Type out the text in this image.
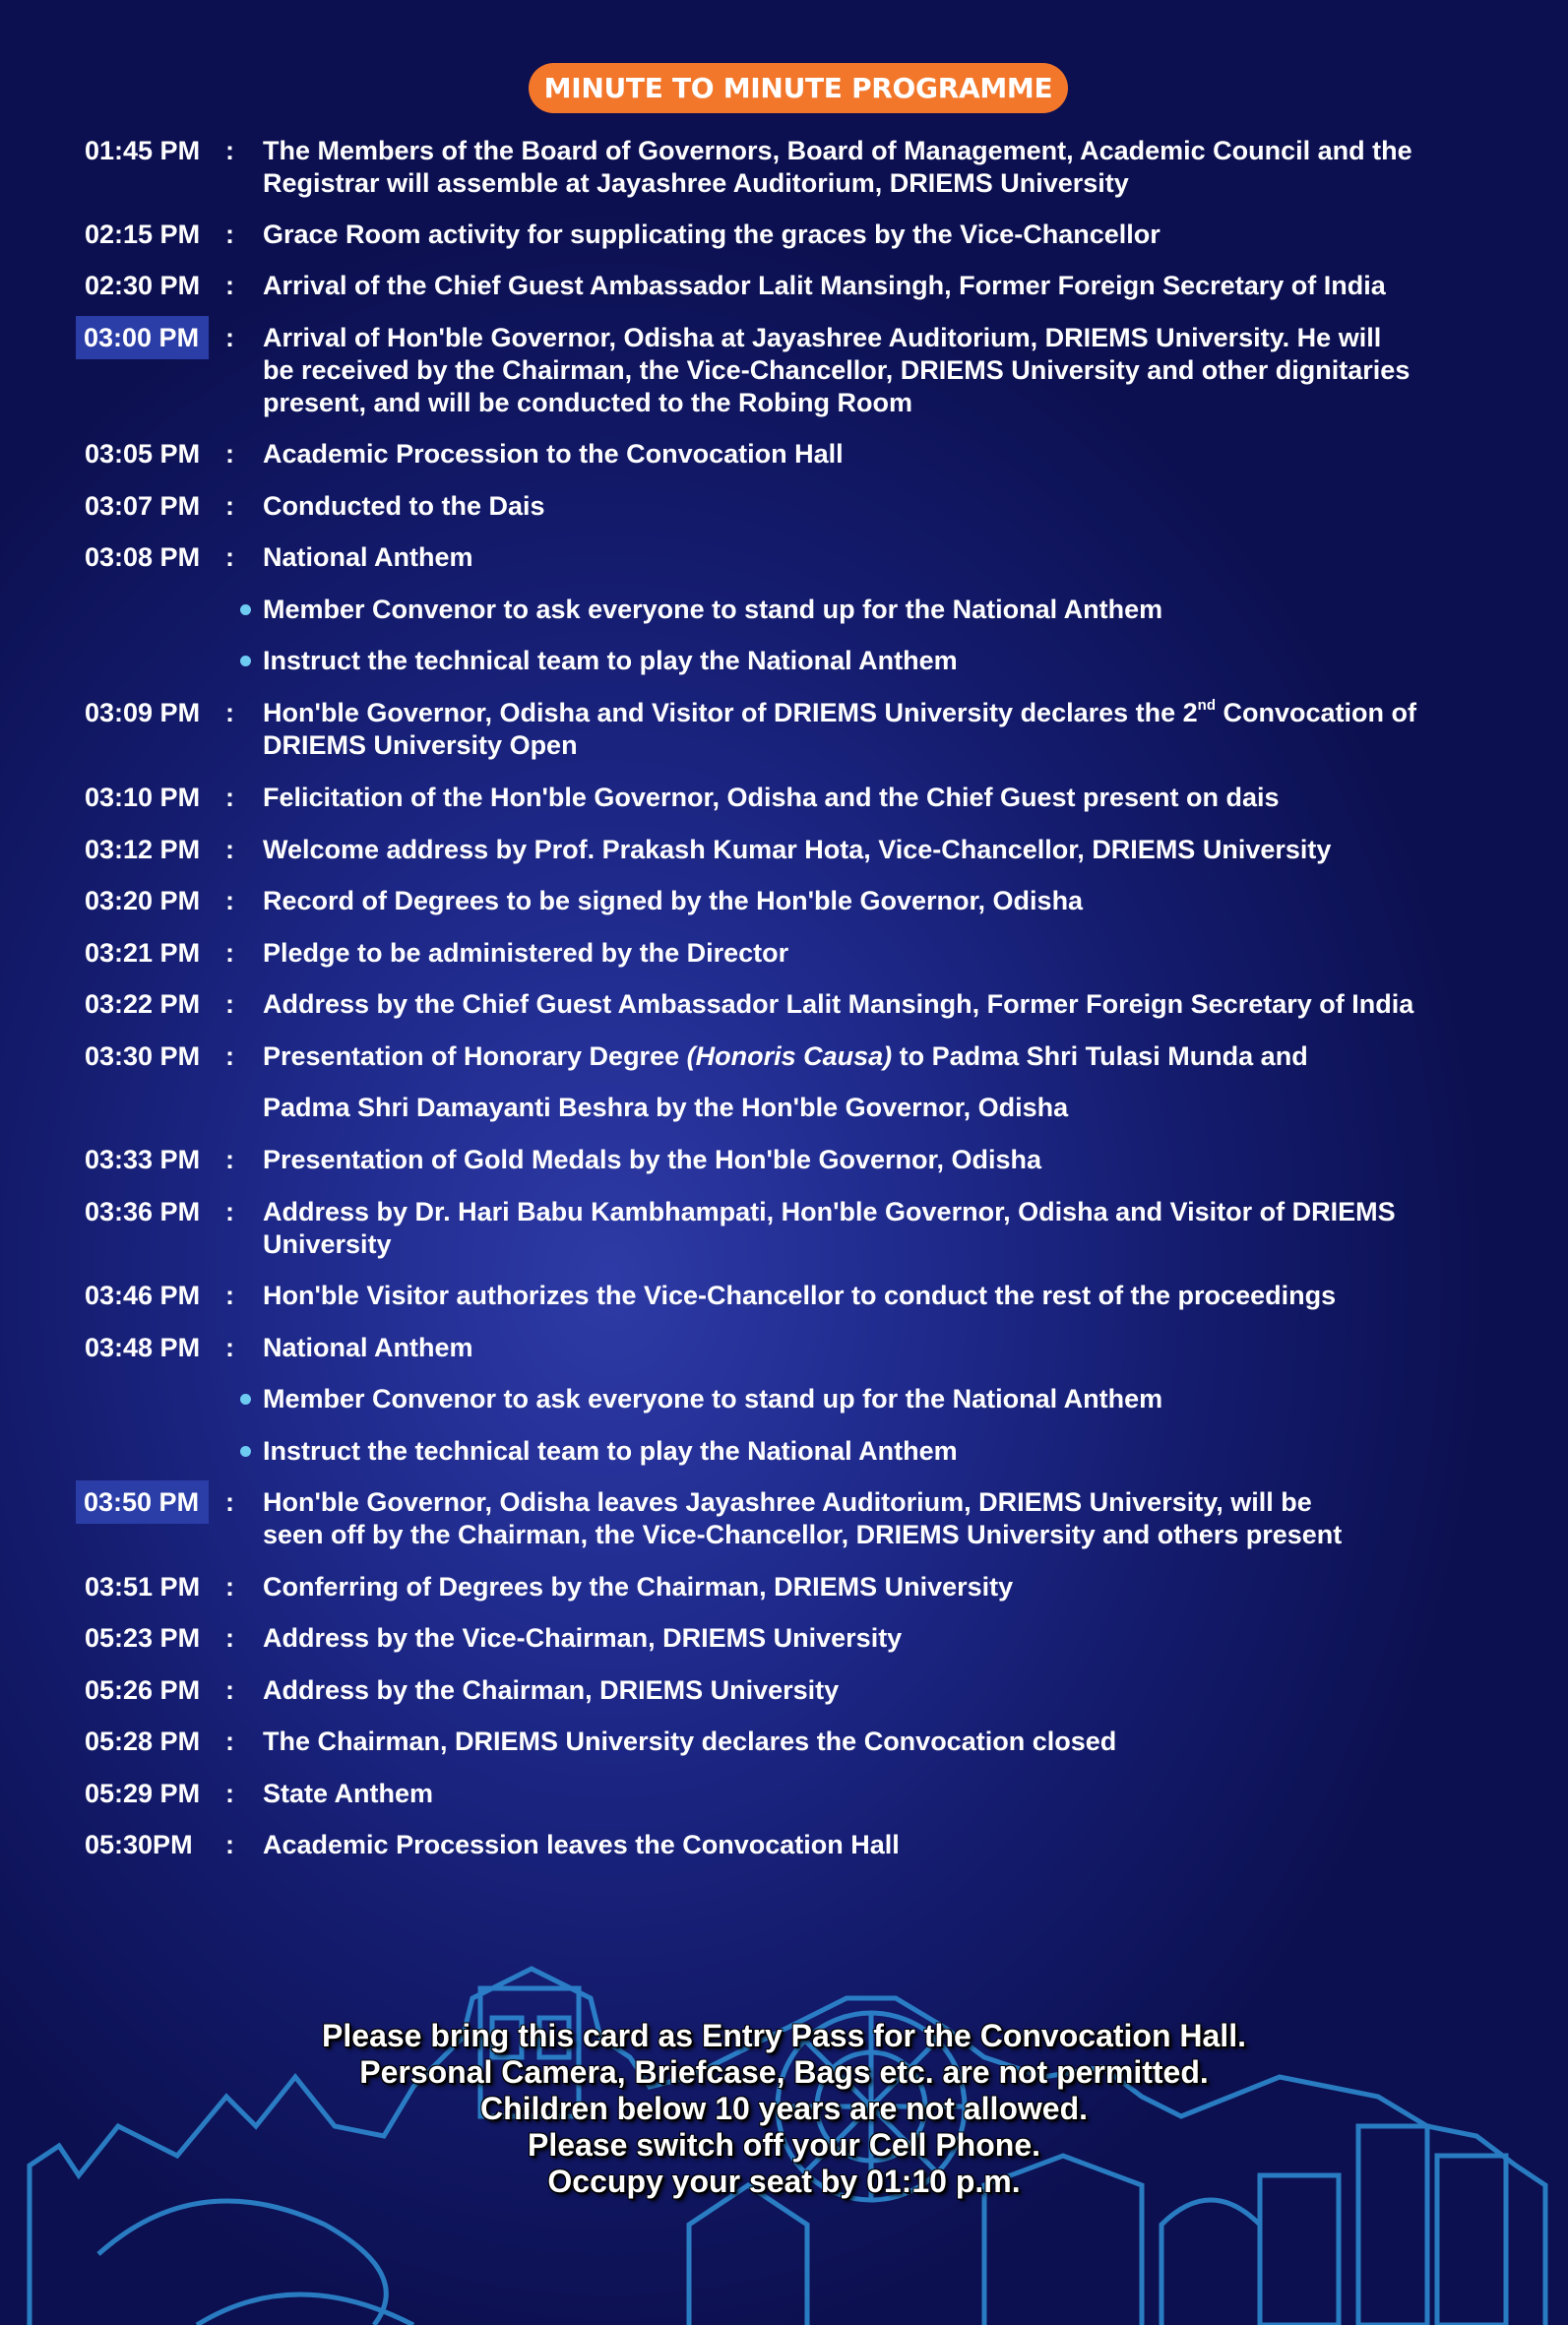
MINUTE TO MINUTE PROGRAMME
01:45 PM : The Members of the Board of Governors, Board of Management, Academic Council and the
Registrar will assemble at Jayashree Auditorium, DRIEMS University
02:15 PM : Grace Room activity for supplicating the graces by the Vice-Chancellor
02:30 PM : Arrival of the Chief Guest Ambassador Lalit Mansingh, Former Foreign Secretary of India
03:00 PM : Arrival of Hon'ble Governor, Odisha at Jayashree Auditorium, DRIEMS University. He will
be received by the Chairman, the Vice-Chancellor, DRIEMS University and other dignitaries
present, and will be conducted to the Robing Room
03:05 PM : Academic Procession to the Convocation Hall
03:07 PM : Conducted to the Dais
03:08 PM : National Anthem
Member Convenor to ask everyone to stand up for the National Anthem
Instruct the technical team to play the National Anthem
03:09 PM : Hon'ble Governor, Odisha and Visitor of DRIEMS University declares the 2nd Convocation of
DRIEMS University Open
03:10 PM : Felicitation of the Hon'ble Governor, Odisha and the Chief Guest present on dais
03:12 PM : Welcome address by Prof. Prakash Kumar Hota, Vice-Chancellor, DRIEMS University
03:20 PM : Record of Degrees to be signed by the Hon'ble Governor, Odisha
03:21 PM : Pledge to be administered by the Director
03:22 PM : Address by the Chief Guest Ambassador Lalit Mansingh, Former Foreign Secretary of India
03:30 PM : Presentation of Honorary Degree (Honoris Causa) to Padma Shri Tulasi Munda and
Padma Shri Damayanti Beshra by the Hon'ble Governor, Odisha
03:33 PM : Presentation of Gold Medals by the Hon'ble Governor, Odisha
03:36 PM : Address by Dr. Hari Babu Kambhampati, Hon'ble Governor, Odisha and Visitor of DRIEMS
University
03:46 PM : Hon'ble Visitor authorizes the Vice-Chancellor to conduct the rest of the proceedings
03:48 PM : National Anthem
Member Convenor to ask everyone to stand up for the National Anthem
Instruct the technical team to play the National Anthem
03:50 PM : Hon'ble Governor, Odisha leaves Jayashree Auditorium, DRIEMS University, will be
seen off by the Chairman, the Vice-Chancellor, DRIEMS University and others present
03:51 PM : Conferring of Degrees by the Chairman, DRIEMS University
05:23 PM : Address by the Vice-Chairman, DRIEMS University
05:26 PM : Address by the Chairman, DRIEMS University
05:28 PM : The Chairman, DRIEMS University declares the Convocation closed
05:29 PM : State Anthem
05:30PM	: Academic Procession leaves the Convocation Hall
Please bring this card as Entry Pass for the Convocation Hall.
Personal Camera, Briefcase, Bags etc. are not permitted.
Children below 10 years are not allowed.
Please switch off your Cell Phone.
Occupy your seat by 01:10 p.m.
